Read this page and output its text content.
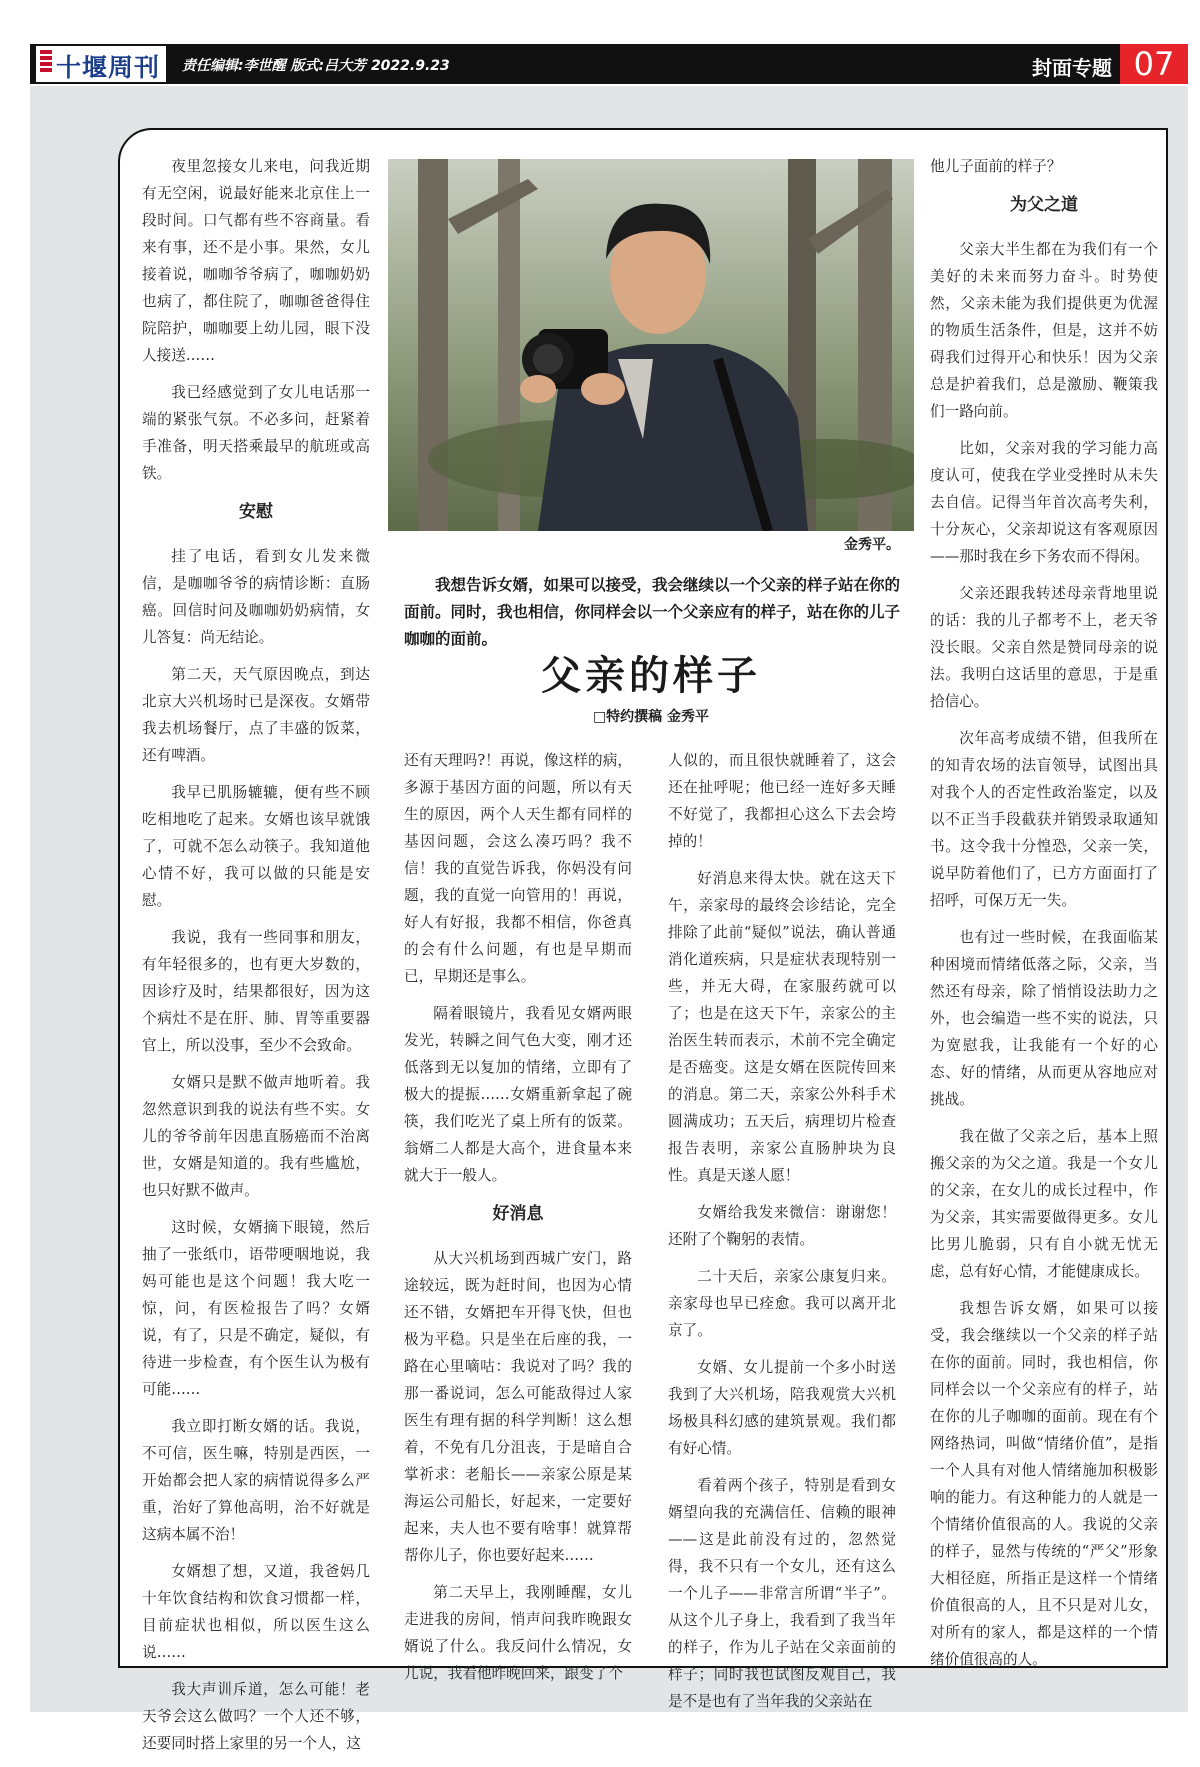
十堰周刊 责任编辑:李世醒 版式:吕大芳 2022.9.23	封面专题 07
金秀平。
我想告诉女婿，如果可以接受，我会继续以一个父亲的样子站在你的面前。同时，我也相信，你同样会以一个父亲应有的样子，站在你的儿子咖咖的面前。
父亲的样子
□特约撰稿 金秀平

夜里忽接女儿来电，问我近期有无空闲，说最好能来北京住上一段时间。口气都有些不容商量。看来有事，还不是小事。果然，女儿接着说，咖咖爷爷病了，咖咖奶奶也病了，都住院了，咖咖爸爸得住院陪护，咖咖要上幼儿园，眼下没人接送……

我已经感觉到了女儿电话那一端的紧张气氛。不必多问，赶紧着手准备，明天搭乘最早的航班或高铁。

安慰

挂了电话，看到女儿发来微信，是咖咖爷爷的病情诊断：直肠癌。回信时问及咖咖奶奶病情，女儿答复：尚无结论。

第二天，天气原因晚点，到达北京大兴机场时已是深夜。女婿带我去机场餐厅，点了丰盛的饭菜，还有啤酒。

我早已肌肠辘辘，便有些不顾吃相地吃了起来。女婿也该早就饿了，可就不怎么动筷子。我知道他心情不好，我可以做的只能是安慰。

我说，我有一些同事和朋友，有年轻很多的，也有更大岁数的，因诊疗及时，结果都很好，因为这个病灶不是在肝、肺、胃等重要器官上，所以没事，至少不会致命。

女婿只是默不做声地听着。我忽然意识到我的说法有些不实。女儿的爷爷前年因患直肠癌而不治离世，女婿是知道的。我有些尴尬，也只好默不做声。

这时候，女婿摘下眼镜，然后抽了一张纸巾，语带哽咽地说，我妈可能也是这个问题！我大吃一惊，问，有医检报告了吗？女婿说，有了，只是不确定，疑似，有待进一步检查，有个医生认为极有可能……

我立即打断女婿的话。我说，不可信，医生嘛，特别是西医，一开始都会把人家的病情说得多么严重，治好了算他高明，治不好就是这病本属不治！

女婿想了想，又道，我爸妈几十年饮食结构和饮食习惯都一样，目前症状也相似，所以医生这么说……

我大声训斥道，怎么可能！老天爷会这么做吗？一个人还不够，还要同时搭上家里的另一个人，这

还有天理吗?！再说，像这样的病，多源于基因方面的问题，所以有天生的原因，两个人天生都有同样的基因问题，会这么凑巧吗？我不信！我的直觉告诉我，你妈没有问题，我的直觉一向管用的！再说，好人有好报，我都不相信，你爸真的会有什么问题，有也是早期而已，早期还是事么。

隔着眼镜片，我看见女婿两眼发光，转瞬之间气色大变，刚才还低落到无以复加的情绪，立即有了极大的提振……女婿重新拿起了碗筷，我们吃光了桌上所有的饭菜。翁婿二人都是大高个，进食量本来就大于一般人。

好消息

从大兴机场到西城广安门，路途较远，既为赶时间，也因为心情还不错，女婿把车开得飞快，但也极为平稳。只是坐在后座的我，一路在心里嘀咕：我说对了吗？我的那一番说词，怎么可能敌得过人家医生有理有据的科学判断！这么想着，不免有几分沮丧，于是暗自合掌祈求：老船长——亲家公原是某海运公司船长，好起来，一定要好起来，夫人也不要有啥事！就算帮帮你儿子，你也要好起来……

第二天早上，我刚睡醒，女儿走进我的房间，悄声问我昨晚跟女婿说了什么。我反问什么情况，女儿说，我看他昨晚回来，跟变了个

人似的，而且很快就睡着了，这会还在扯呼呢；他已经一连好多天睡不好觉了，我都担心这么下去会垮掉的！

好消息来得太快。就在这天下午，亲家母的最终会诊结论，完全排除了此前“疑似”说法，确认普通消化道疾病，只是症状表现特别一些，并无大碍，在家服药就可以了；也是在这天下午，亲家公的主治医生转而表示，术前不完全确定是否癌变。这是女婿在医院传回来的消息。第二天，亲家公外科手术圆满成功；五天后，病理切片检查报告表明，亲家公直肠肿块为良性。真是天遂人愿！

女婿给我发来微信：谢谢您！还附了个鞠躬的表情。

二十天后，亲家公康复归来。亲家母也早已痊愈。我可以离开北京了。

女婿、女儿提前一个多小时送我到了大兴机场，陪我观赏大兴机场极具科幻感的建筑景观。我们都有好心情。

看着两个孩子，特别是看到女婿望向我的充满信任、信赖的眼神——这是此前没有过的，忽然觉得，我不只有一个女儿，还有这么一个儿子——非常言所谓“半子”。从这个儿子身上，我看到了我当年的样子，作为儿子站在父亲面前的样子；同时我也试图反观自己，我是不是也有了当年我的父亲站在

他儿子面前的样子？

为父之道

父亲大半生都在为我们有一个美好的未来而努力奋斗。时势使然，父亲未能为我们提供更为优渥的物质生活条件，但是，这并不妨碍我们过得开心和快乐！因为父亲总是护着我们，总是激励、鞭策我们一路向前。

比如，父亲对我的学习能力高度认可，使我在学业受挫时从未失去自信。记得当年首次高考失利，十分灰心，父亲却说这有客观原因——那时我在乡下务农而不得闲。

父亲还跟我转述母亲背地里说的话：我的儿子都考不上，老天爷没长眼。父亲自然是赞同母亲的说法。我明白这话里的意思，于是重拾信心。

次年高考成绩不错，但我所在的知青农场的法盲领导，试图出具对我个人的否定性政治鉴定，以及以不正当手段截获并销毁录取通知书。这令我十分惶恐，父亲一笑，说早防着他们了，已方方面面打了招呼，可保万无一失。

也有过一些时候，在我面临某种困境而情绪低落之际，父亲，当然还有母亲，除了悄悄设法助力之外，也会编造一些不实的说法，只为宽慰我，让我能有一个好的心态、好的情绪，从而更从容地应对挑战。

我在做了父亲之后，基本上照搬父亲的为父之道。我是一个女儿的父亲，在女儿的成长过程中，作为父亲，其实需要做得更多。女儿比男儿脆弱，只有自小就无忧无虑，总有好心情，才能健康成长。

我想告诉女婿，如果可以接受，我会继续以一个父亲的样子站在你的面前。同时，我也相信，你同样会以一个父亲应有的样子，站在你的儿子咖咖的面前。现在有个网络热词，叫做“情绪价值”，是指一个人具有对他人情绪施加积极影响的能力。有这种能力的人就是一个情绪价值很高的人。我说的父亲的样子，显然与传统的“严父”形象大相径庭，所指正是这样一个情绪价值很高的人，且不只是对儿女，对所有的家人，都是这样的一个情绪价值很高的人。
